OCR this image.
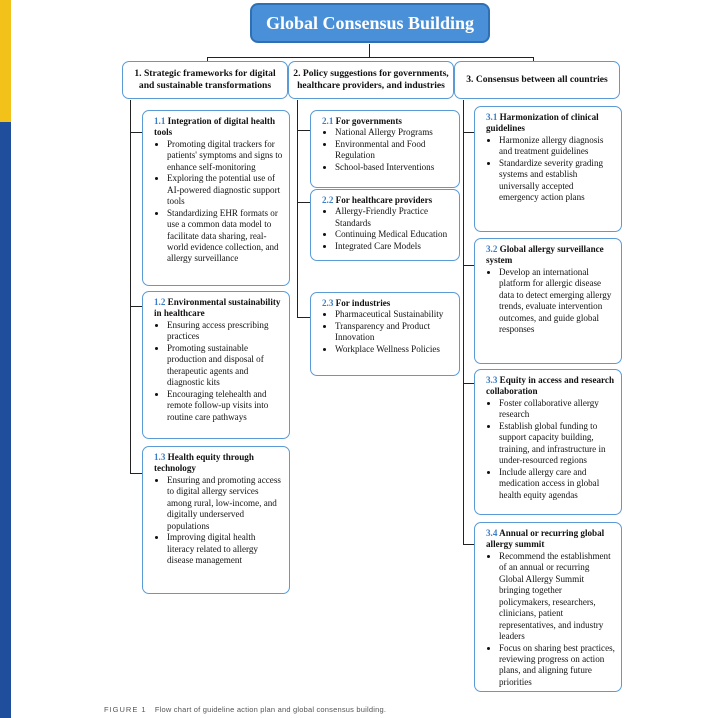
Global Consensus Building
1. Strategic frameworks for digital and sustainable transformations
2. Policy suggestions for governments, healthcare providers, and industries
3. Consensus between all countries
1.1 Integration of digital health tools
• Promoting digital trackers for patients' symptoms and signs to enhance self-monitoring
• Exploring the potential use of AI-powered diagnostic support tools
• Standardizing EHR formats or use a common data model to facilitate data sharing, real-world evidence collection, and allergy surveillance
1.2 Environmental sustainability in healthcare
• Ensuring access prescribing practices
• Promoting sustainable production and disposal of therapeutic agents and diagnostic kits
• Encouraging telehealth and remote follow-up visits into routine care pathways
1.3 Health equity through technology
• Ensuring and promoting access to digital allergy services among rural, low-income, and digitally underserved populations
• Improving digital health literacy related to allergy disease management
2.1 For governments
• National Allergy Programs
• Environmental and Food Regulation
• School-based Interventions
2.2 For healthcare providers
• Allergy-Friendly Practice Standards
• Continuing Medical Education
• Integrated Care Models
2.3 For industries
• Pharmaceutical Sustainability
• Transparency and Product Innovation
• Workplace Wellness Policies
3.1 Harmonization of clinical guidelines
• Harmonize allergy diagnosis and treatment guidelines
• Standardize severity grading systems and establish universally accepted emergency action plans
3.2 Global allergy surveillance system
• Develop an international platform for allergic disease data to detect emerging allergy trends, evaluate intervention outcomes, and guide global responses
3.3 Equity in access and research collaboration
• Foster collaborative allergy research
• Establish global funding to support capacity building, training, and infrastructure in under-resourced regions
• Include allergy care and medication access in global health equity agendas
3.4 Annual or recurring global allergy summit
• Recommend the establishment of an annual or recurring Global Allergy Summit bringing together policymakers, researchers, clinicians, patient representatives, and industry leaders
• Focus on sharing best practices, reviewing progress on action plans, and aligning future priorities
FIGURE 1 Flow chart of guideline action plan and global consensus building.
